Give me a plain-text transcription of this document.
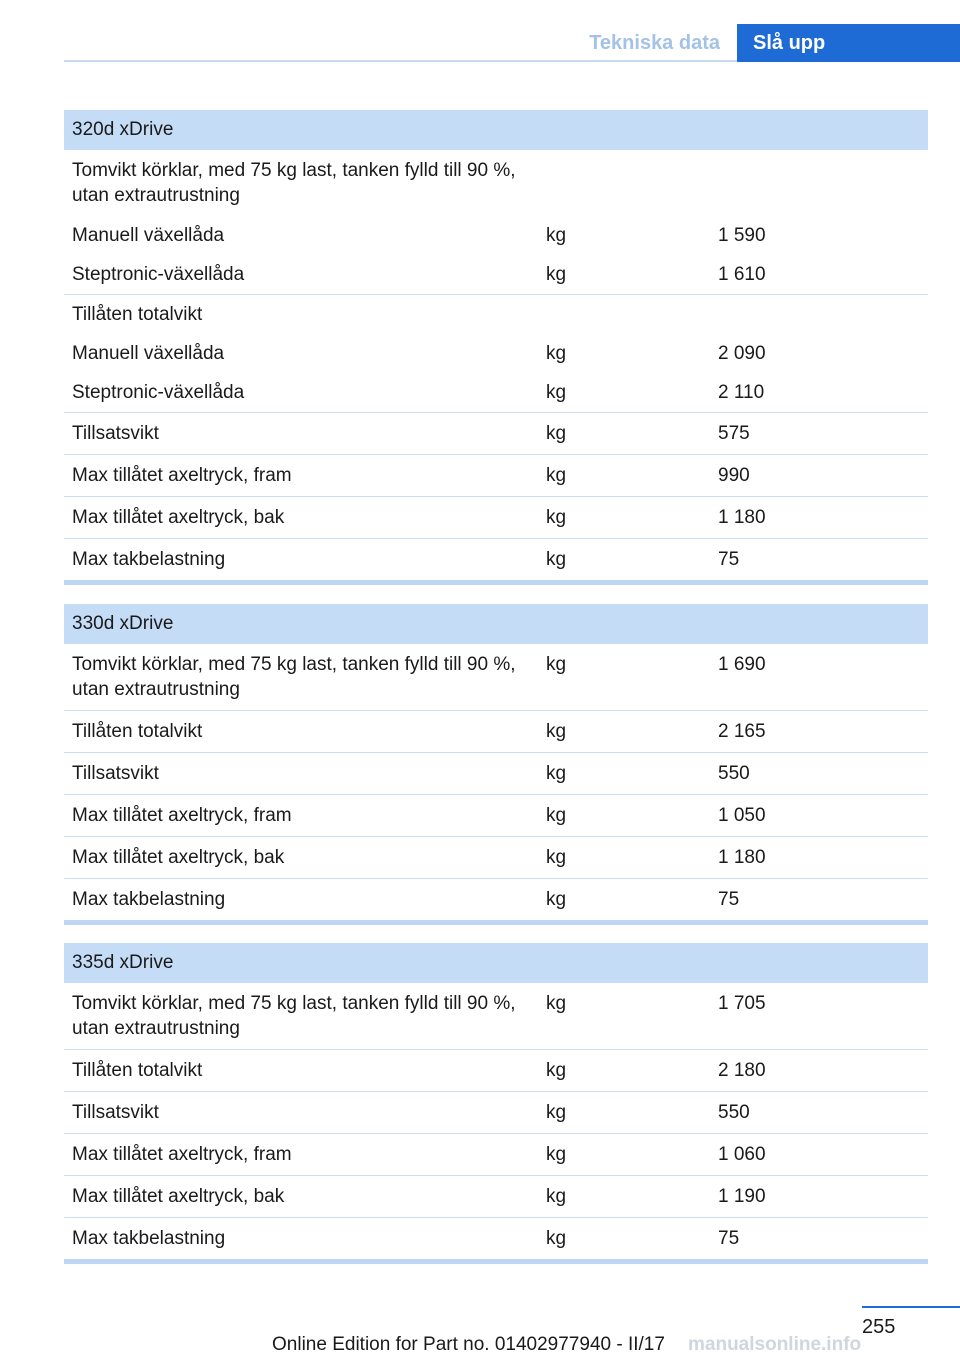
Tekniska data	Slå upp
320d xDrive		
Tomvikt körklar, med 75 kg last, tanken fylld till 90 %, utan extrautrustning		
Manuell växellåda	kg	1 590
Steptronic-växellåda	kg	1 610
Tillåten totalvikt		
Manuell växellåda	kg	2 090
Steptronic-växellåda	kg	2 110
Tillsatsvikt	kg	575
Max tillåtet axeltryck, fram	kg	990
Max tillåtet axeltryck, bak	kg	1 180
Max takbelastning	kg	75

330d xDrive		
Tomvikt körklar, med 75 kg last, tanken fylld till 90 %, utan extrautrustning	kg	1 690
Tillåten totalvikt	kg	2 165
Tillsatsvikt	kg	550
Max tillåtet axeltryck, fram	kg	1 050
Max tillåtet axeltryck, bak	kg	1 180
Max takbelastning	kg	75

335d xDrive		
Tomvikt körklar, med 75 kg last, tanken fylld till 90 %, utan extrautrustning	kg	1 705
Tillåten totalvikt	kg	2 180
Tillsatsvikt	kg	550
Max tillåtet axeltryck, fram	kg	1 060
Max tillåtet axeltryck, bak	kg	1 190
Max takbelastning	kg	75

255
Online Edition for Part no. 01402977940 - II/17 manualsonline.info
